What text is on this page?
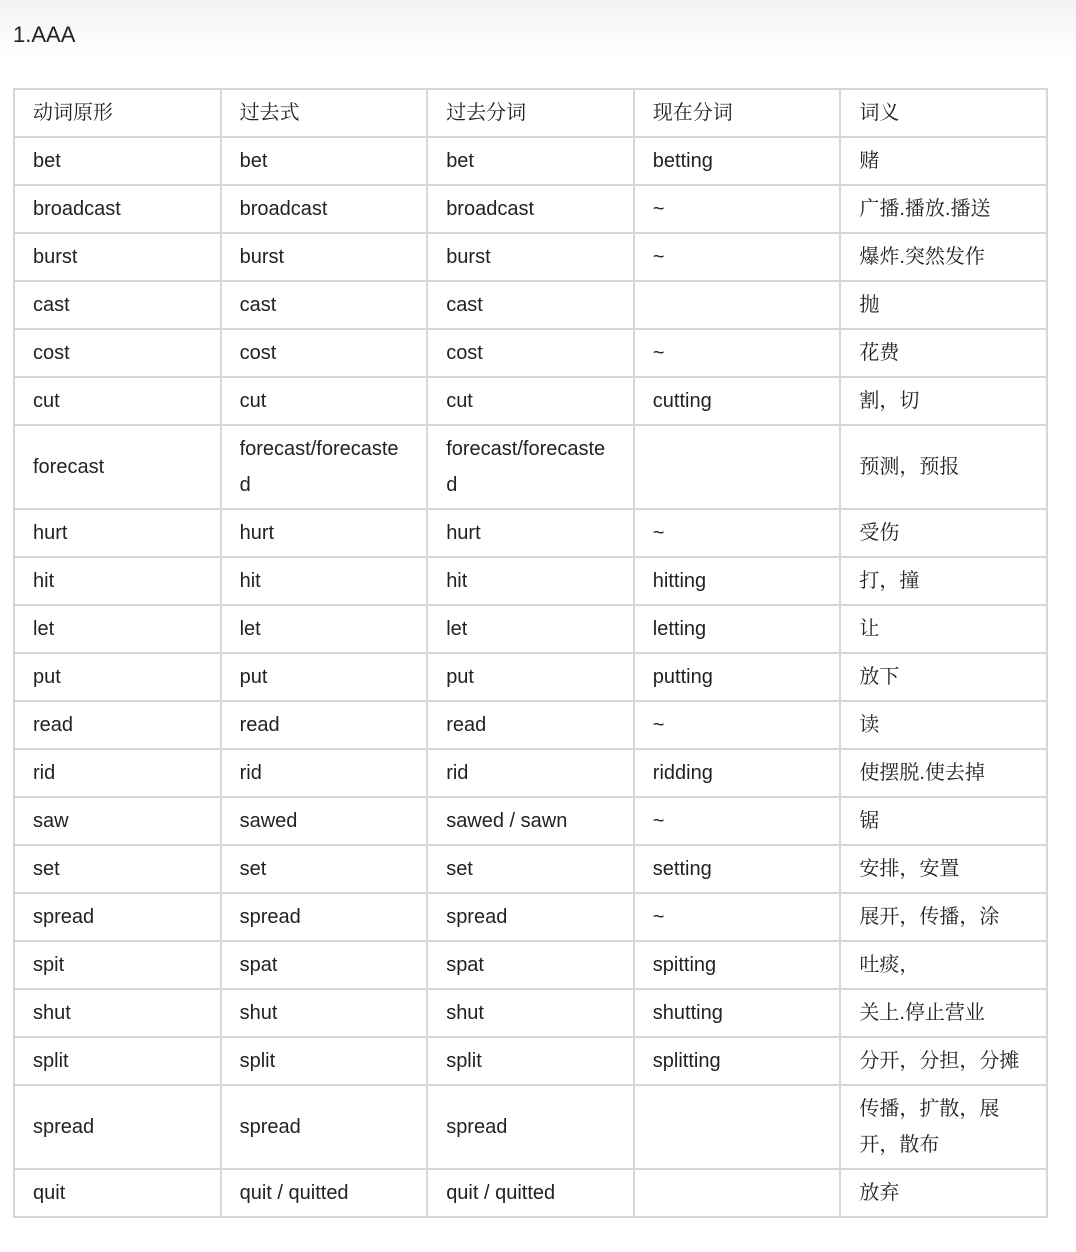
1.AAA
动词原形	过去式	过去分词	现在分词	词义
bet	bet	bet	betting	赌
broadcast	broadcast	broadcast	~	广播.播放.播送
burst	burst	burst	~	爆炸.突然发作
cast	cast	cast		抛
cost	cost	cost	~	花费
cut	cut	cut	cutting	割，切
forecast	forecast/forecasted	forecast/forecasted		预测，预报
hurt	hurt	hurt	~	受伤
hit	hit	hit	hitting	打，撞
let	let	let	letting	让
put	put	put	putting	放下
read	read	read	~	读
rid	rid	rid	ridding	使摆脱.使去掉
saw	sawed	sawed / sawn	~	锯
set	set	set	setting	安排，安置
spread	spread	spread	~	展开，传播，涂
spit	spat	spat	spitting	吐痰，
shut	shut	shut	shutting	关上.停止营业
split	split	split	splitting	分开，分担，分摊
spread	spread	spread		传播，扩散，展开，散布
quit	quit / quitted	quit / quitted		放弃
